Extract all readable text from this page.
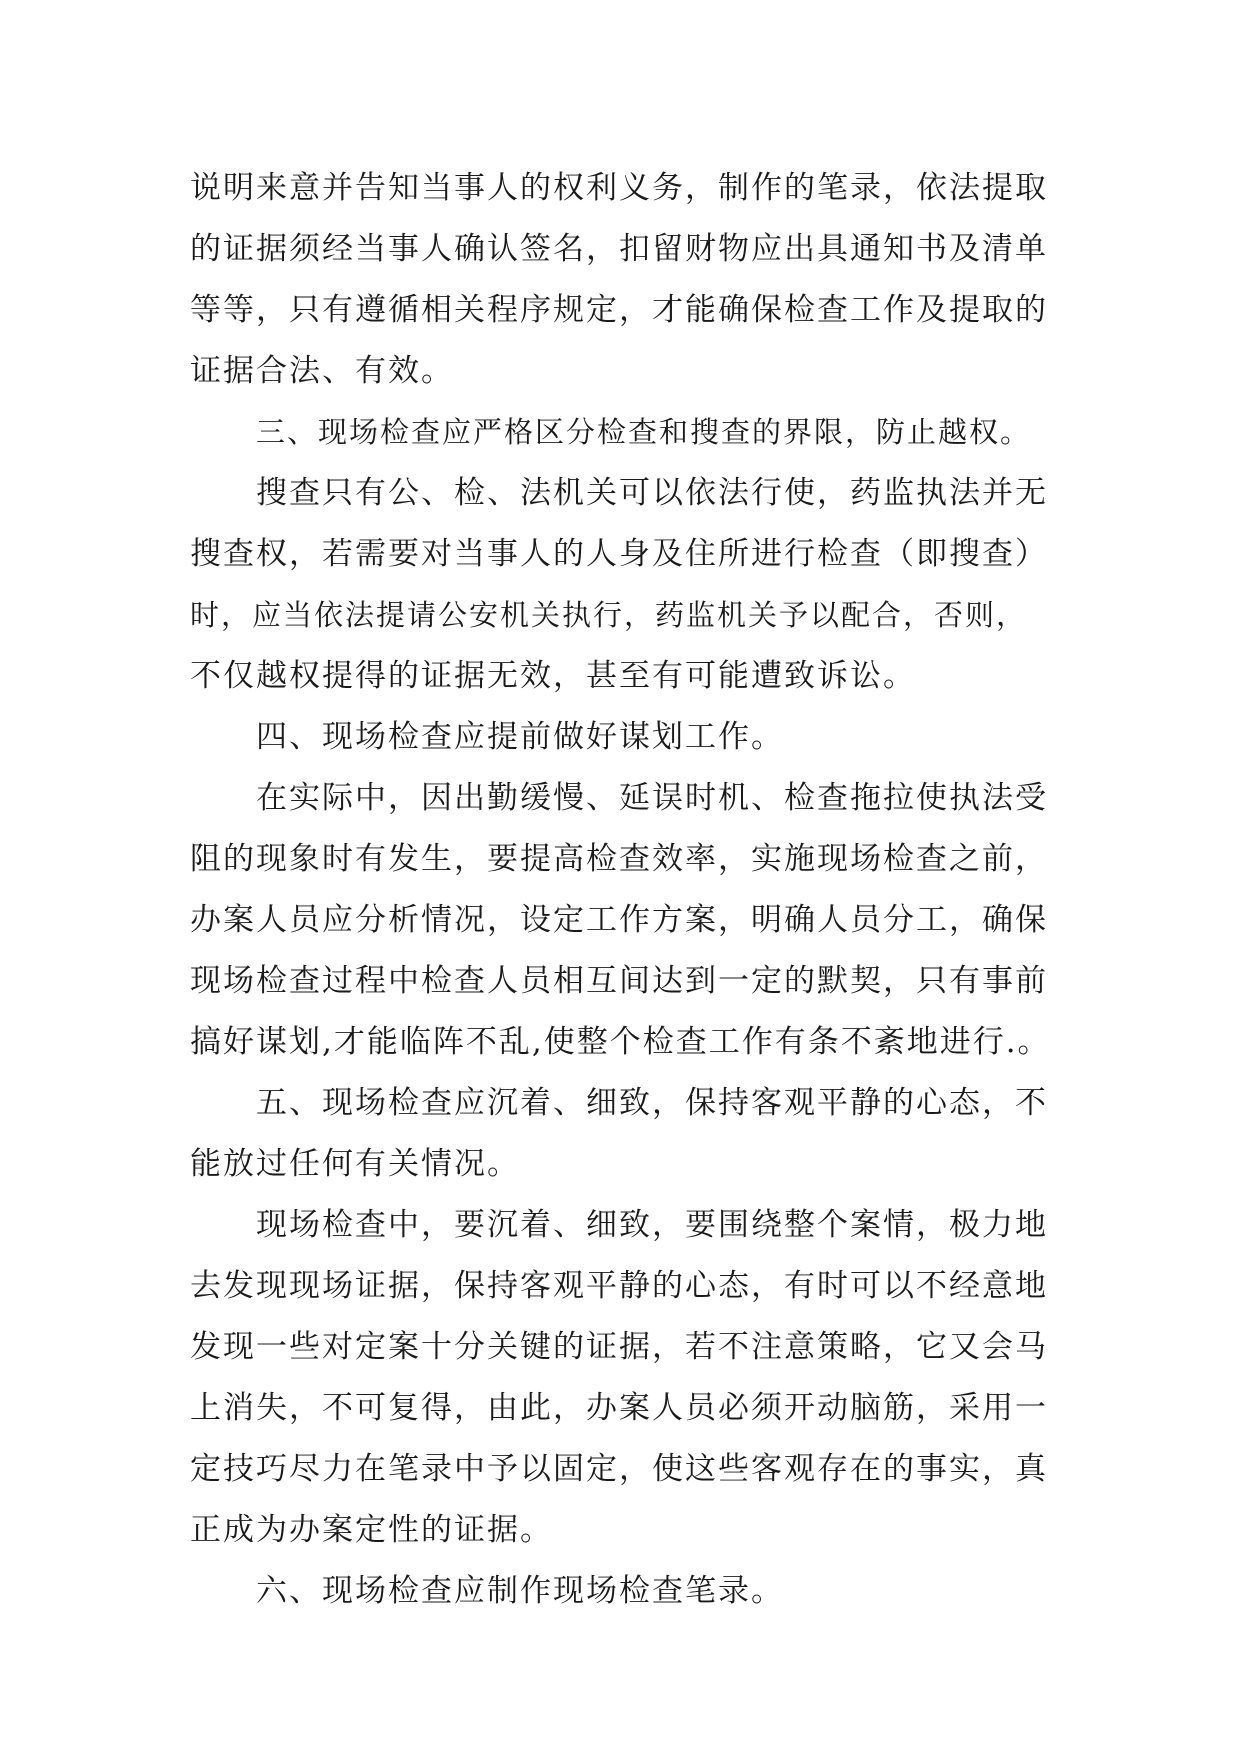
说明来意并告知当事人的权利义务，制作的笔录，依法提取
的证据须经当事人确认签名，扣留财物应出具通知书及清单
等等，只有遵循相关程序规定，才能确保检查工作及提取的
证据合法、有效。
三、现场检查应严格区分检查和搜查的界限，防止越权。
搜查只有公、检、法机关可以依法行使，药监执法并无
搜查权，若需要对当事人的人身及住所进行检查（即搜查）
时，应当依法提请公安机关执行，药监机关予以配合，否则，
不仅越权提得的证据无效，甚至有可能遭致诉讼。
四、现场检查应提前做好谋划工作。
在实际中，因出勤缓慢、延误时机、检查拖拉使执法受
阻的现象时有发生，要提高检查效率，实施现场检查之前，
办案人员应分析情况，设定工作方案，明确人员分工，确保
现场检查过程中检查人员相互间达到一定的默契，只有事前
搞好谋划,才能临阵不乱,使整个检查工作有条不紊地进行.。
五、现场检查应沉着、细致，保持客观平静的心态，不
能放过任何有关情况。
现场检查中，要沉着、细致，要围绕整个案情，极力地
去发现现场证据，保持客观平静的心态，有时可以不经意地
发现一些对定案十分关键的证据，若不注意策略，它又会马
上消失，不可复得，由此，办案人员必须开动脑筋，采用一
定技巧尽力在笔录中予以固定，使这些客观存在的事实，真
正成为办案定性的证据。
六、现场检查应制作现场检查笔录。
